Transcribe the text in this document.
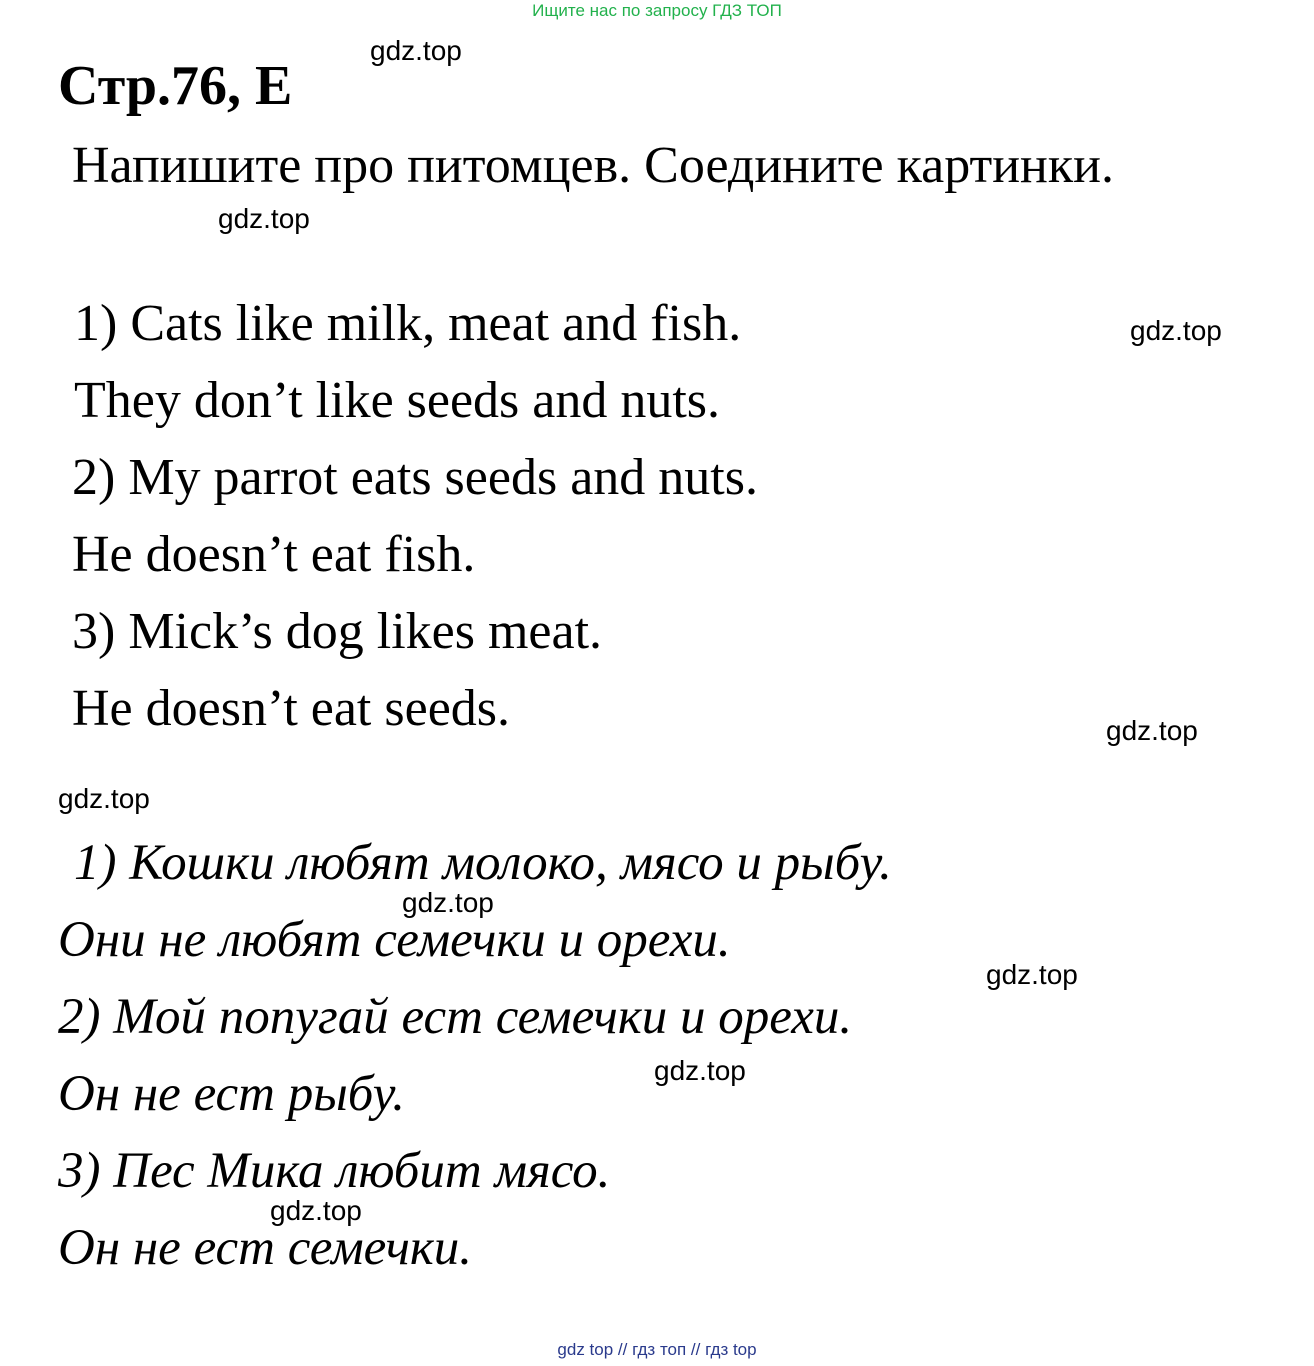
Ищите нас по запросу ГДЗ ТОП
Стр.76, E
Напишите про питомцев. Соедините картинки.
1) Cats like milk, meat and fish.
They don’t like seeds and nuts.
2) My parrot eats seeds and nuts.
He doesn’t eat fish.
3) Mick’s dog likes meat.
He doesn’t eat seeds.
1) Кошки любят молоко, мясо и рыбу.
Они не любят семечки и орехи.
2) Мой попугай ест семечки и орехи.
Он не ест рыбу.
3) Пес Мика любит мясо.
Он не ест семечки.
gdz.top
gdz.top
gdz.top
gdz.top
gdz.top
gdz.top
gdz.top
gdz.top
gdz.top
gdz top // гдз топ // гдз top
